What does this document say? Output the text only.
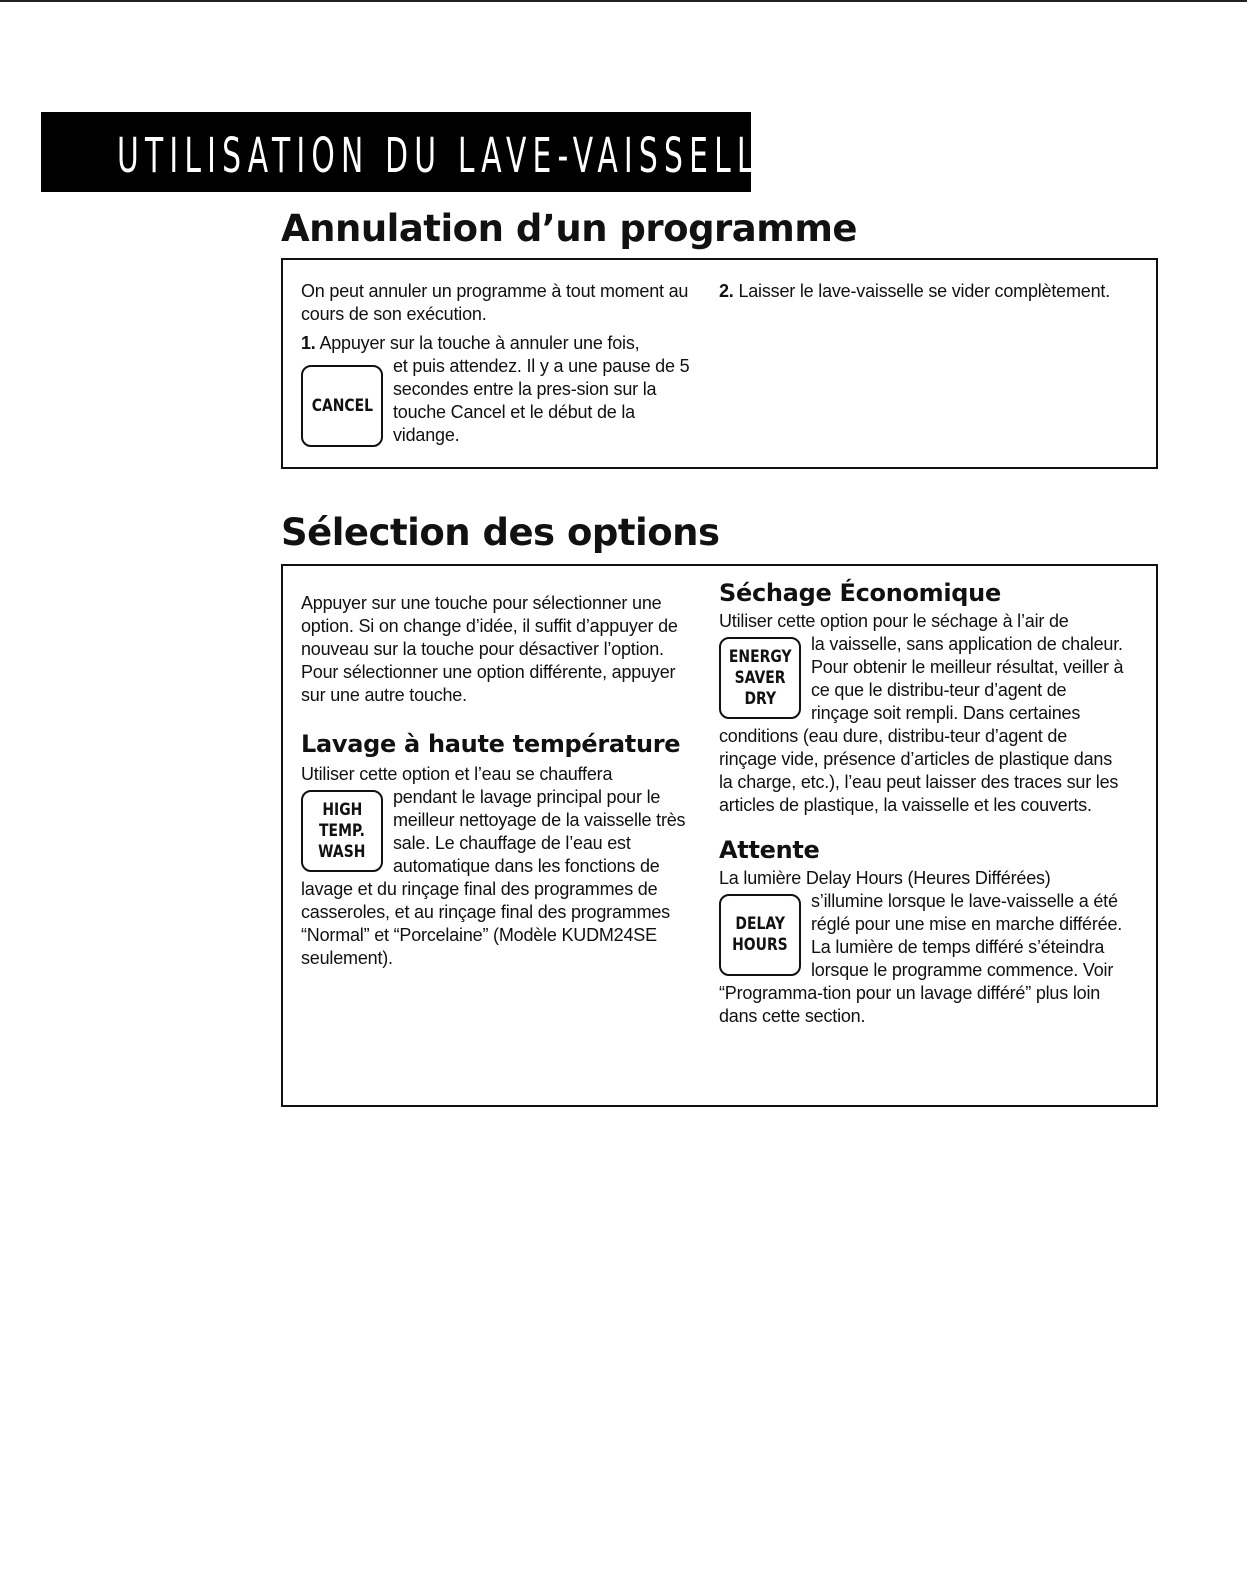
UTILISATION DU LAVE-VAISSELLE
Annulation d’un programme

On peut annuler un programme à tout moment au cours de son exécution.

1. Appuyer sur la touche à annuler une fois,

CANCEL

et puis attendez. Il y a une pause de 5 secondes entre la pres-sion sur la touche Cancel et le début de la vidange.

2. Laisser le lave-vaisselle se vider complètement.

Sélection des options

Appuyer sur une touche pour sélectionner une option. Si on change d’idée, il suffit d’appuyer de nouveau sur la touche pour désactiver l’option. Pour sélectionner une option différente, appuyer sur une autre touche.

Lavage à haute température

Utiliser cette option et l’eau se chauffera

HIGH
TEMP.
WASH

pendant le lavage principal pour le meilleur nettoyage de la vaisselle très sale. Le chauffage de l’eau est automatique dans les fonctions de lavage et du rinçage final des programmes de casseroles, et au rinçage final des programmes “Normal” et “Porcelaine” (Modèle KUDM24SE seulement).

Séchage Économique

Utiliser cette option pour le séchage à l’air de

ENERGY
SAVER
DRY

la vaisselle, sans application de chaleur. Pour obtenir le meilleur résultat, veiller à ce que le distribu-teur d’agent de rinçage soit rempli. Dans certaines conditions (eau dure, distribu-teur d’agent de rinçage vide, présence d’articles de plastique dans la charge, etc.), l’eau peut laisser des traces sur les articles de plastique, la vaisselle et les couverts.

Attente

La lumière Delay Hours (Heures Différées)

DELAY
HOURS

s’illumine lorsque le lave-vaisselle a été réglé pour une mise en marche différée. La lumière de temps différé s’éteindra lorsque le programme commence. Voir “Programma-tion pour un lavage différé” plus loin dans cette section.
